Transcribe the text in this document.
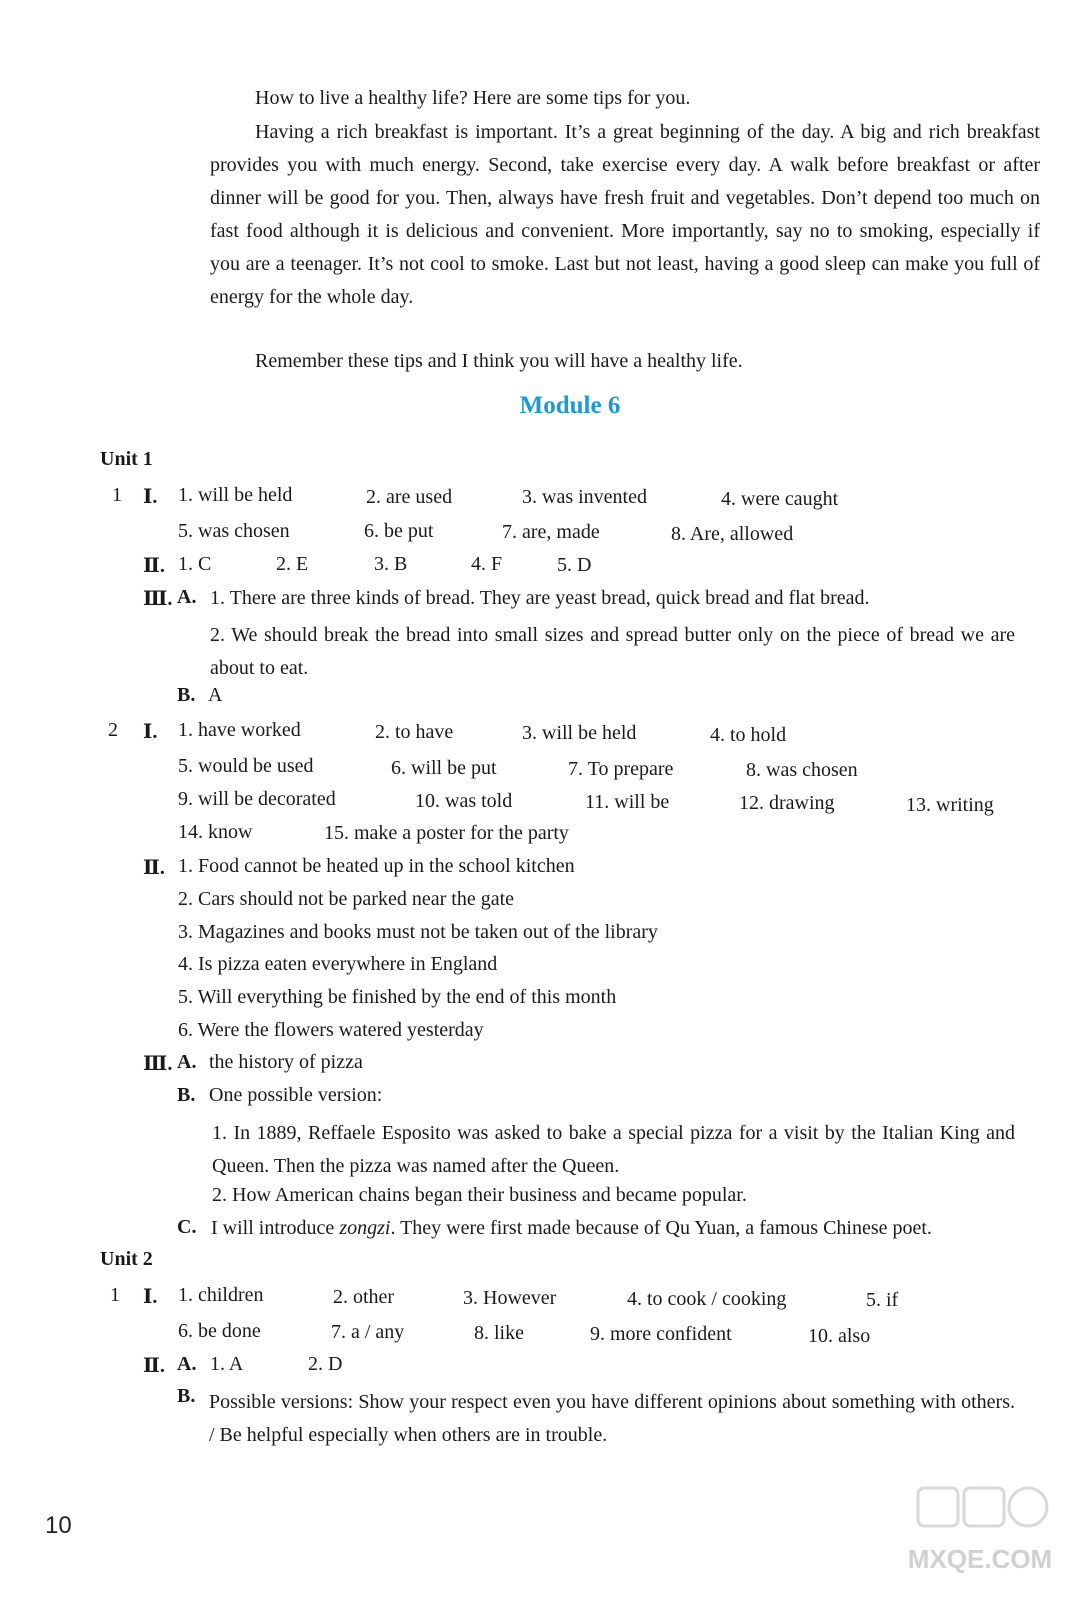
How to live a healthy life? Here are some tips for you.
Having a rich breakfast is important. It’s a great beginning of the day. A big and rich breakfast provides you with much energy. Second, take exercise every day. A walk before breakfast or after dinner will be good for you. Then, always have fresh fruit and vegetables. Don’t depend too much on fast food although it is delicious and convenient. More importantly, say no to smoking, especially if you are a teenager. It’s not cool to smoke. Last but not least, having a good sleep can make you full of energy for the whole day.
Remember these tips and I think you will have a healthy life.
Module 6
Unit 1
1 Ⅰ. 1. will be held	2. are used	3. was invented	4. were caught
5. was chosen	6. be put	7. are, made	8. Are, allowed
Ⅱ. 1. C	2. E	3. B	4. F	5. D
Ⅲ. A. 1. There are three kinds of bread. They are yeast bread, quick bread and flat bread.
2. We should break the bread into small sizes and spread butter only on the piece of bread we are about to eat.
B. A
2 Ⅰ. 1. have worked	2. to have	3. will be held	4. to hold
5. would be used	6. will be put	7. To prepare	8. was chosen
9. will be decorated	10. was told	11. will be	12. drawing	13. writing
14. know	15. make a poster for the party
Ⅱ. 1. Food cannot be heated up in the school kitchen
2. Cars should not be parked near the gate
3. Magazines and books must not be taken out of the library
4. Is pizza eaten everywhere in England
5. Will everything be finished by the end of this month
6. Were the flowers watered yesterday
Ⅲ. A. the history of pizza
B. One possible version:
1. In 1889, Reffaele Esposito was asked to bake a special pizza for a visit by the Italian King and Queen. Then the pizza was named after the Queen.
2. How American chains began their business and became popular.
C. I will introduce zongzi. They were first made because of Qu Yuan, a famous Chinese poet.
Unit 2
1 Ⅰ. 1. children	2. other	3. However	4. to cook / cooking	5. if
6. be done	7. a / any	8. like	9. more confident	10. also
Ⅱ. A. 1. A	2. D
B. Possible versions: Show your respect even you have different opinions about something with others. / Be helpful especially when others are in trouble.
10
MXQE.COM
